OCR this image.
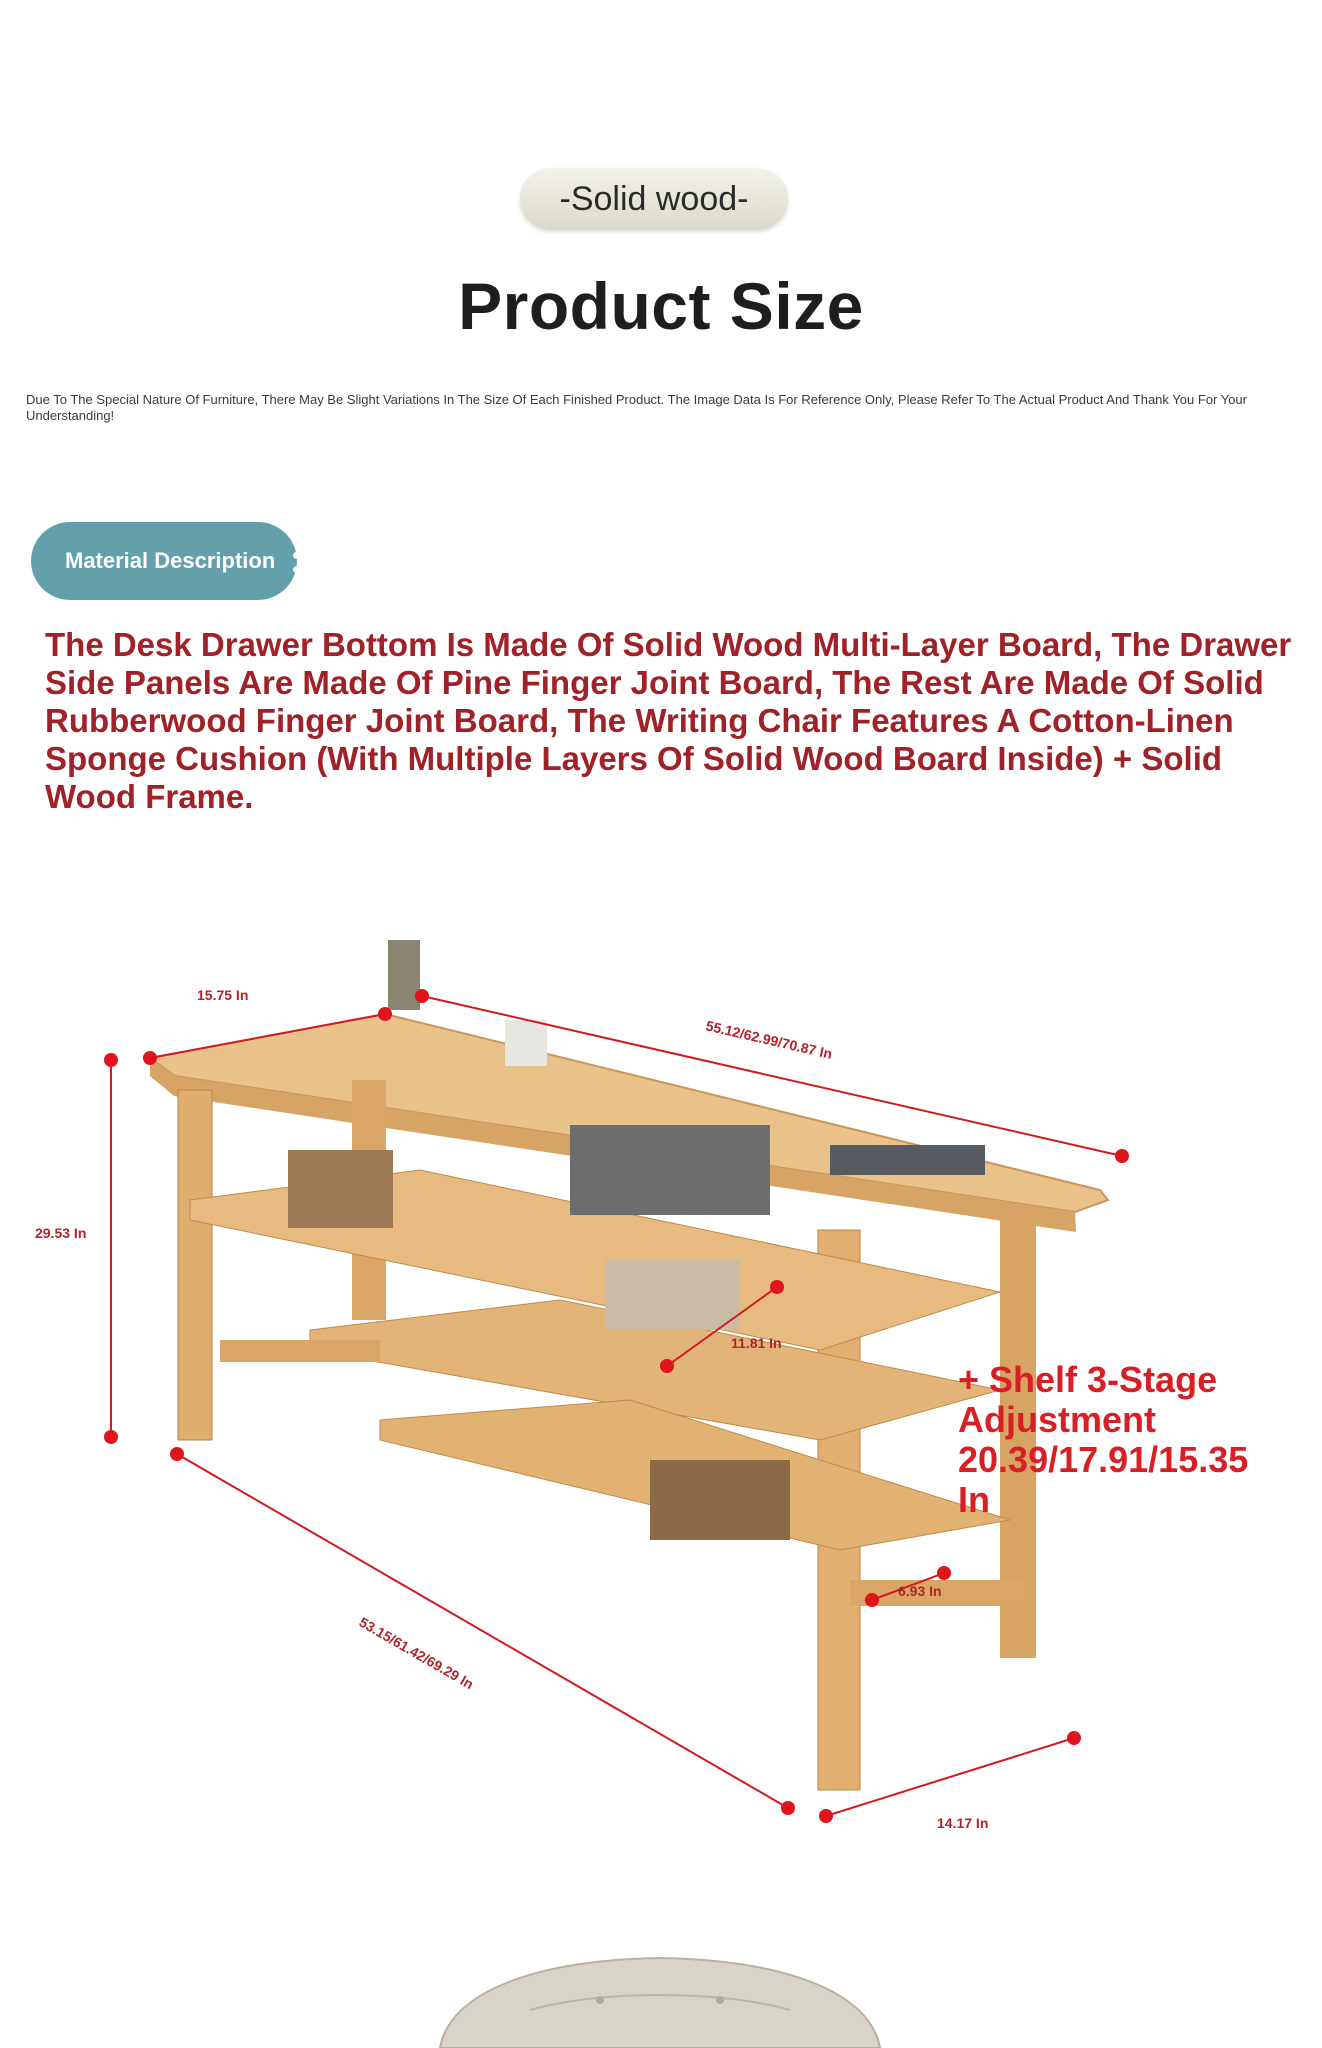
-Solid wood-
Product Size
Due To The Special Nature Of Furniture, There May Be Slight Variations In The Size Of Each Finished Product. The Image Data Is For Reference Only, Please Refer To The Actual Product And Thank You For Your Understanding!
Material Description
The Desk Drawer Bottom Is Made Of Solid Wood Multi-Layer Board, The Drawer Side Panels Are Made Of Pine Finger Joint Board, The Rest Are Made Of Solid Rubberwood Finger Joint Board, The Writing Chair Features A Cotton-Linen Sponge Cushion (With Multiple Layers Of Solid Wood Board Inside) + Solid Wood Frame.
15.75 In
55.12/62.99/70.87 In
29.53 In
11.81 In
6.93 In
53.15/61.42/69.29 In
14.17 In
+ Shelf 3-Stage Adjustment 20.39/17.91/15.35 In
